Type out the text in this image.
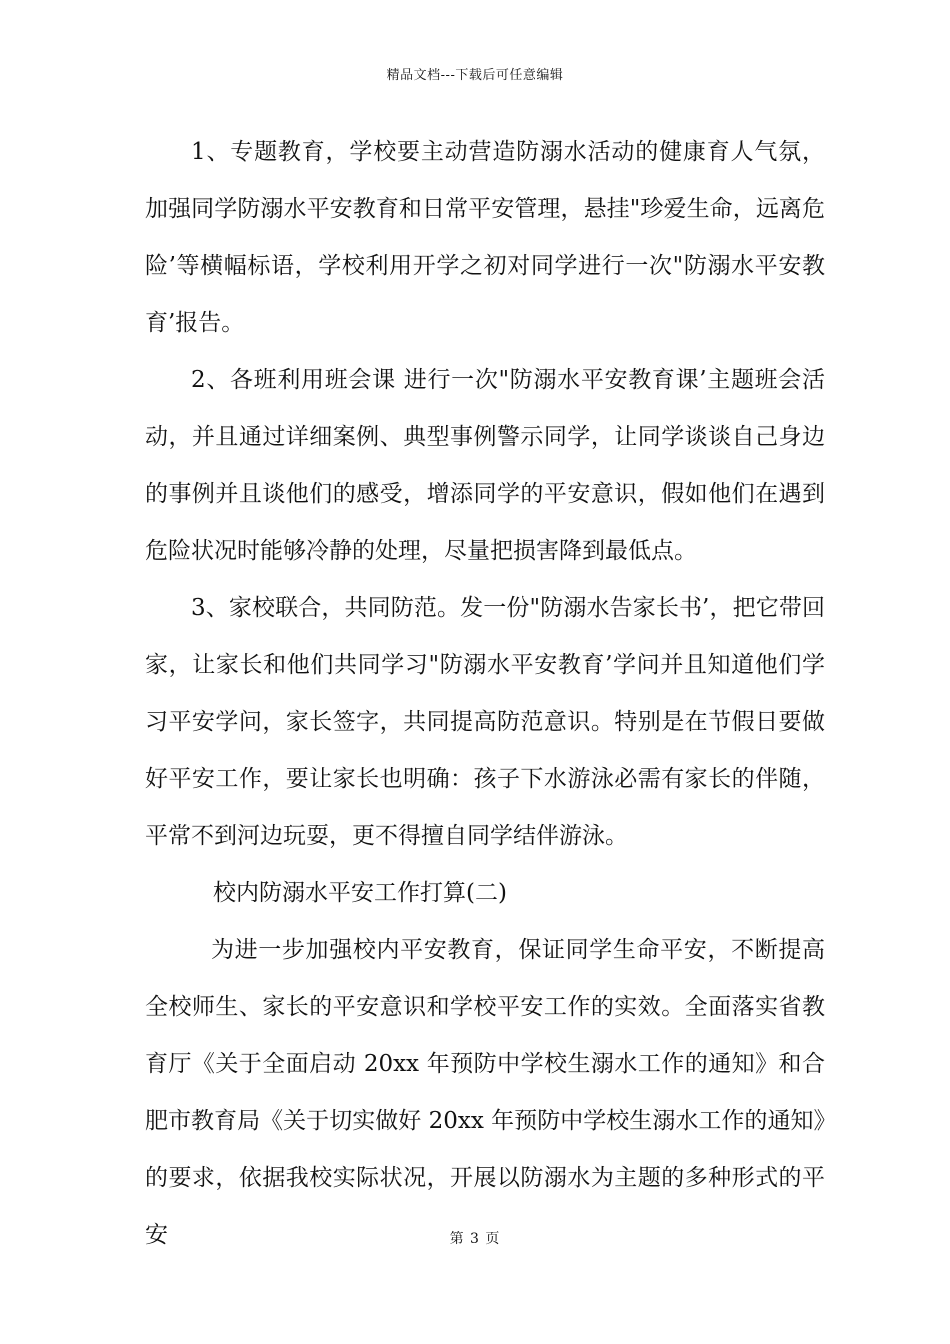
精品文档---下载后可任意编辑

1、专题教育，学校要主动营造防溺水活动的健康育人气氛，加强同学防溺水平安教育和日常平安管理，悬挂"珍爱生命，远离危险’等横幅标语，学校利用开学之初对同学进行一次"防溺水平安教育’报告。

2、各班利用班会课 进行一次"防溺水平安教育课’主题班会活动，并且通过详细案例、典型事例警示同学，让同学谈谈自己身边的事例并且谈他们的感受，增添同学的平安意识，假如他们在遇到危险状况时能够冷静的处理，尽量把损害降到最低点。

3、家校联合，共同防范。发一份"防溺水告家长书’，把它带回家，让家长和他们共同学习"防溺水平安教育’学问并且知道他们学习平安学问，家长签字，共同提高防范意识。特别是在节假日要做好平安工作，要让家长也明确：孩子下水游泳必需有家长的伴随，平常不到河边玩耍，更不得擅自同学结伴游泳。

校内防溺水平安工作打算(二)

为进一步加强校内平安教育，保证同学生命平安，不断提高全校师生、家长的平安意识和学校平安工作的实效。全面落实省教育厅《关于全面启动 20xx 年预防中学校生溺水工作的通知》和合肥市教育局《关于切实做好 20xx 年预防中学校生溺水工作的通知》的要求，依据我校实际状况，开展以防溺水为主题的多种形式的平安	第 3 页
